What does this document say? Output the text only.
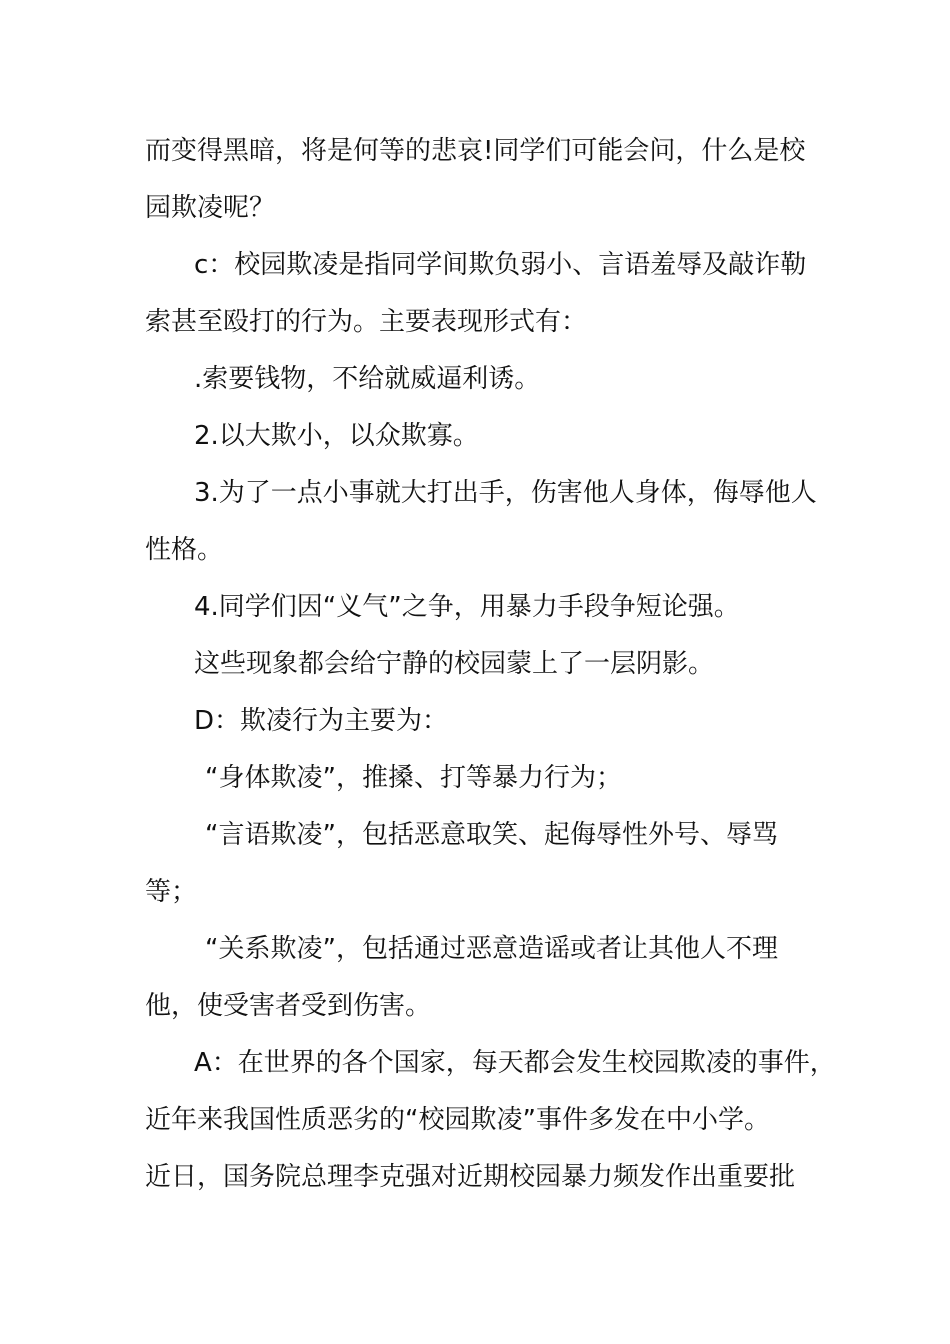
而变得黑暗，将是何等的悲哀!同学们可能会问，什么是校
园欺凌呢？
c：校园欺凌是指同学间欺负弱小、言语羞辱及敲诈勒
索甚至殴打的行为。主要表现形式有：
.索要钱物，不给就威逼利诱。
2.以大欺小，以众欺寡。
3.为了一点小事就大打出手，伤害他人身体，侮辱他人
性格。
4.同学们因“义气”之争，用暴力手段争短论强。
这些现象都会给宁静的校园蒙上了一层阴影。
D：欺凌行为主要为：
“身体欺凌”，推搡、打等暴力行为；
“言语欺凌”，包括恶意取笑、起侮辱性外号、辱骂
等；
“关系欺凌”，包括通过恶意造谣或者让其他人不理
他，使受害者受到伤害。
A：在世界的各个国家，每天都会发生校园欺凌的事件，
近年来我国性质恶劣的“校园欺凌”事件多发在中小学。
近日，国务院总理李克强对近期校园暴力频发作出重要批
